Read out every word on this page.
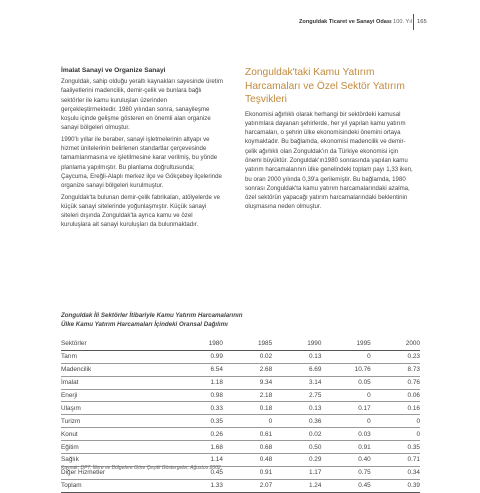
Zonguldak Ticaret ve Sanayi Odası 100. Yıl 165
İmalat Sanayi ve Organize Sanayi

Zonguldak, sahip olduğu yeraltı kaynakları sayesinde üretim faaliyetlerini madencilik, demir-çelik ve bunlara bağlı sektörler ile kamu kuruluşları üzerinden gerçekleştirmektedir. 1980 yılından sonra, sanayileşme koşulu içinde gelişme gösteren en önemli alan organize sanayi bölgeleri olmuştur.

1990'lı yıllar ile beraber, sanayi işletmelerinin altyapı ve hizmet ünitelerinin belirlenen standartlar çerçevesinde tamamlanmasına ve işletilmesine karar verilmiş, bu yönde planlama yapılmıştır. Bu planlama doğrultusunda; Çaycuma, Ereğli-Alaplı merkez ilçe ve Gökçebey ilçelerinde organize sanayi bölgeleri kurulmuştur.

Zonguldak'ta bulunan demir-çelik fabrikaları, atölyelerde ve küçük sanayi sitelerinde yoğunlaşmıştır. Küçük sanayi siteleri dışında Zonguldak'ta ayrıca kamu ve özel kuruluşlara ait sanayi kuruluşları da bulunmaktadır.

Zonguldak'taki Kamu Yatırım Harcamaları ve Özel Sektör Yatırım Teşvikleri

Ekonomisi ağırlıklı olarak herhangi bir sektördeki kamusal yatırımlara dayanan şehirlerde, her yıl yapılan kamu yatırım harcamaları, o şehrin ülke ekonomisindeki önemini ortaya koymaktadır. Bu bağlamda, ekonomisi madencilik ve demir-çelik ağırlıklı olan Zonguldak'ın da Türkiye ekonomisi için önemi büyüktür. Zonguldak'ın1980 sonrasında yapılan kamu yatırım harcamalarının ülke genelindeki toplam payı 1,33 iken, bu oran 2000 yılında 0,39'a gerilemiştir. Bu bağlamda, 1980 sonrası Zonguldak'ta kamu yatırım harcamalarındaki azalma, özel sektörün yapacağı yatırım harcamalarındaki beklentinin oluşmasına neden olmuştur.

Zonguldak İli Sektörler İtibariyle Kamu Yatırım Harcamalarının
Ülke Kamu Yatırım Harcamaları İçindeki Oransal Dağılımı
Sektörler	1980	1985	1990	1995	2000
Tarım	0.99	0.02	0.13	0	0.23
Madencilik	6.54	2.68	6.69	10.76	8.73
İmalat	1.18	9.34	3.14	0.05	0.76
Enerji	0.98	2.18	2.75	0	0.06
Ulaşım	0.33	0.18	0.13	0.17	0.16
Turizm	0.35	0	0.36	0	0
Konut	0.26	0.61	0.02	0.03	0
Eğitim	1.68	0.68	0.50	0.91	0.35
Sağlık	1.14	0.48	0.29	0.40	0.71
Diğer Hizmetler	0.45	0.91	1.17	0.75	0.34
Toplam	1.33	2.07	1.24	0.45	0.39
Kaynak: DPT, İllere ve Bölgelere Göre Çeşitli Göstergeler, Ağustos 2002.
